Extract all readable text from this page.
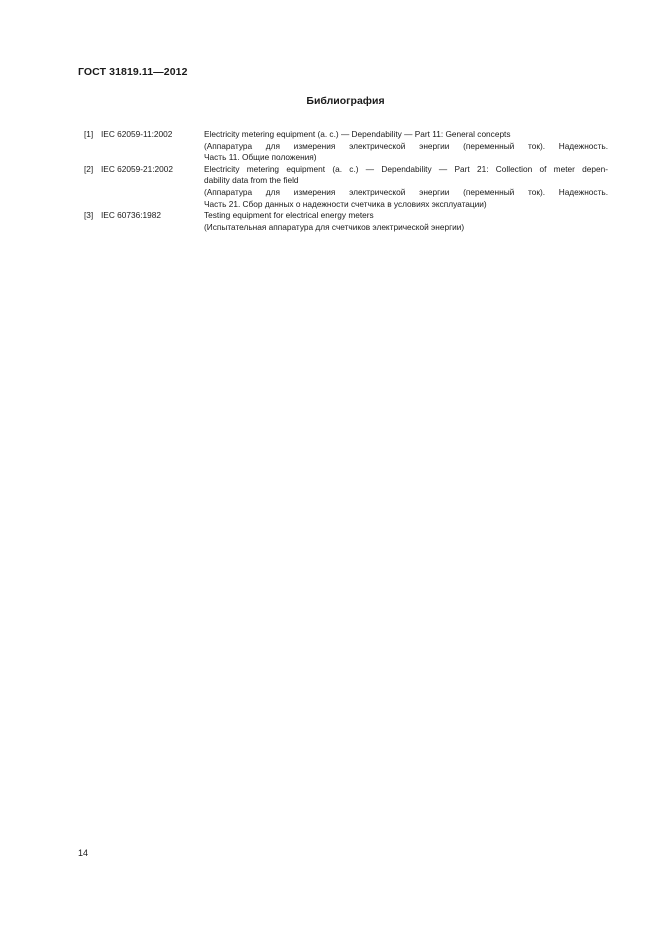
ГОСТ 31819.11—2012
Библиография
[1] IEC 62059-11:2002	Electricity metering equipment (a. c.) — Dependability — Part 11: General concepts
(Аппаратура для измерения электрической энергии (переменный ток). Надежность.
Часть 11. Общие положения)
[2] IEC 62059-21:2002	Electricity metering equipment (a. c.) — Dependability — Part 21: Collection of meter depen-
dability data from the field
(Аппаратура для измерения электрической энергии (переменный ток). Надежность.
Часть 21. Сбор данных о надежности счетчика в условиях эксплуатации)
[3] IEC 60736:1982	Testing equipment for electrical energy meters
(Испытательная аппаратура для счетчиков электрической энергии)
14
